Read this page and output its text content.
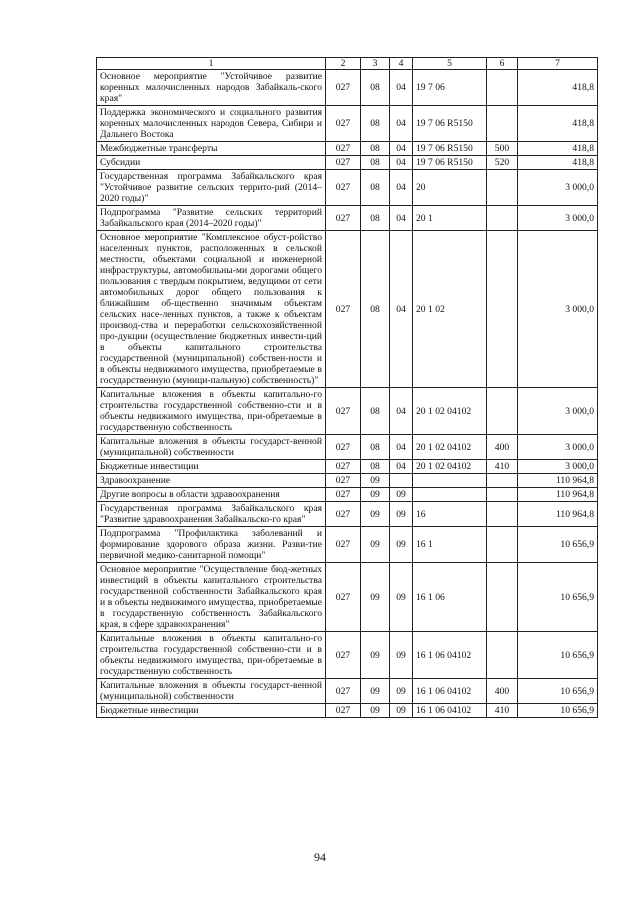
1	2	3	4	5	6	7
Основное мероприятие "Устойчивое развитие коренных малочисленных народов Забайкаль-ского края"	027	08	04	19 7 06		418,8
Поддержка экономического и социального развития коренных малочисленных народов Севера, Сибири и Дальнего Востока	027	08	04	19 7 06 R5150		418,8
Межбюджетные трансферты	027	08	04	19 7 06 R5150	500	418,8
Субсидии	027	08	04	19 7 06 R5150	520	418,8
Государственная программа Забайкальского края "Устойчивое развитие сельских террито-рий (2014–2020 годы)"	027	08	04	20		3 000,0
Подпрограмма "Развитие сельских территорий Забайкальского края (2014–2020 годы)"	027	08	04	20 1		3 000,0
Основное мероприятие "Комплексное обуст-ройство населенных пунктов, расположенных в сельской местности, объектами социальной и инженерной инфраструктуры, автомобильны-ми дорогами общего пользования с твердым покрытием, ведущими от сети автомобильных дорог общего пользования к ближайшим об-щественно значимым объектам сельских насе-ленных пунктов, а также к объектам производ-ства и переработки сельскохозяйственной про-дукции (осуществление бюджетных инвести-ций в объекты капитального строительства государственной (муниципальной) собствен-ности и в объекты недвижимого имущества, приобретаемые в государственную (муници-пальную) собственность)"	027	08	04	20 1 02		3 000,0
Капитальные вложения в объекты капитально-го строительства государственной собственно-сти и в объекты недвижимого имущества, при-обретаемые в государственную собственность	027	08	04	20 1 02 04102		3 000,0
Капитальные вложения в объекты государст-венной (муниципальной) собственности	027	08	04	20 1 02 04102	400	3 000,0
Бюджетные инвестиции	027	08	04	20 1 02 04102	410	3 000,0
Здравоохранение	027	09				110 964,8
Другие вопросы в области здравоохранения	027	09	09			110 964,8
Государственная программа Забайкальского края "Развитие здравоохранения Забайкальско-го края"	027	09	09	16		110 964,8
Подпрограмма "Профилактика заболеваний и формирование здорового образа жизни. Разви-тие первичной медико-санитарной помощи"	027	09	09	16 1		10 656,9
Основное мероприятие "Осуществление бюд-жетных инвестиций в объекты капитального строительства государственной собственности Забайкальского края и в объекты недвижимого имущества, приобретаемые в государственную собственность Забайкальского края, в сфере здравоохранения"	027	09	09	16 1 06		10 656,9
Капитальные вложения в объекты капитально-го строительства государственной собственно-сти и в объекты недвижимого имущества, при-обретаемые в государственную собственность	027	09	09	16 1 06 04102		10 656,9
Капитальные вложения в объекты государст-венной (муниципальной) собственности	027	09	09	16 1 06 04102	400	10 656,9
Бюджетные инвестиции	027	09	09	16 1 06 04102	410	10 656,9
94
